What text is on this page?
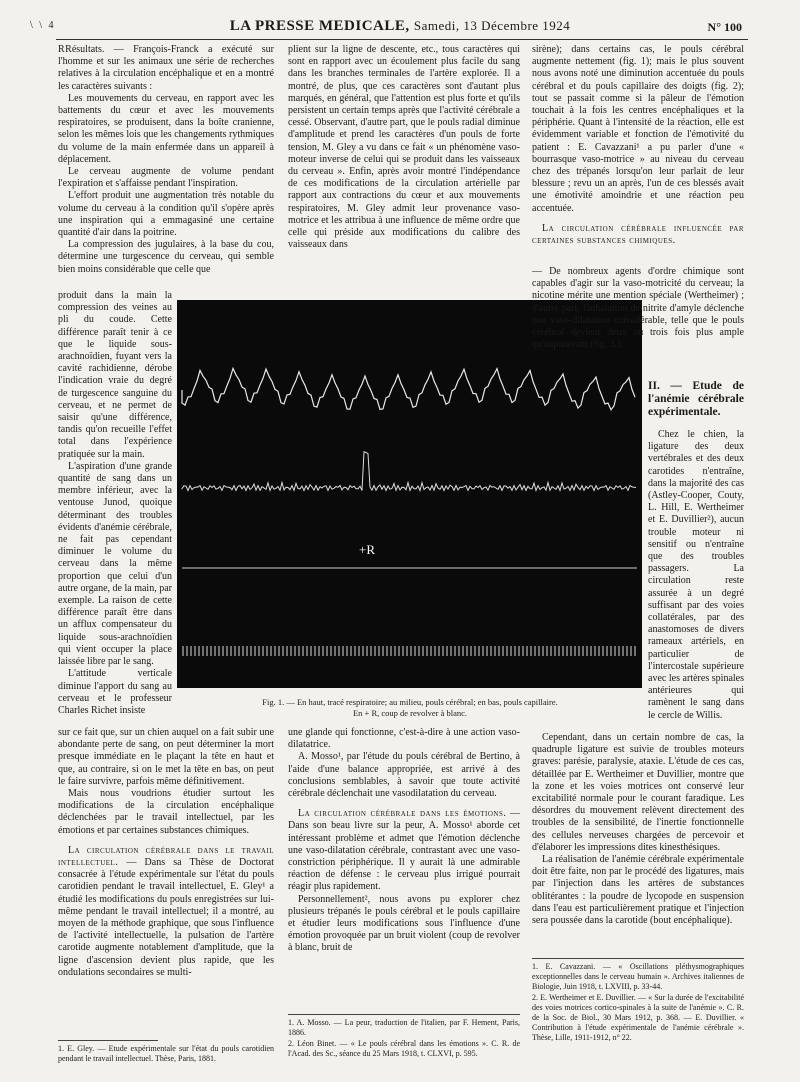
\ \ 4	LA PRESSE MEDICALE, Samedi, 13 Décembre 1924	N° 100

RRésultats. — François-Franck a exécuté sur l'homme et sur les animaux une série de recherches relatives à la circulation encéphalique et en a montré les caractères suivants :

Les mouvements du cerveau, en rapport avec les battements du cœur et avec les mouvements respiratoires, se produisent, dans la boîte cranienne, selon les mêmes lois que les changements rythmiques du volume de la main enfermée dans un appareil à déplacement.

Le cerveau augmente de volume pendant l'expiration et s'affaisse pendant l'inspiration.

L'effort produit une augmentation très notable du volume du cerveau à la condition qu'il s'opère après une inspiration qui a emmagasiné une certaine quantité d'air dans la poitrine.

La compression des jugulaires, à la base du cou, détermine une turgescence du cerveau, qui semble bien moins considérable que celle que

produit dans la main la compression des veines au pli du coude. Cette différence paraît tenir à ce que le liquide sous-arachnoïdien, fuyant vers la cavité rachidienne, dérobe l'indication vraie du degré de turgescence sanguine du cerveau, et ne permet de saisir qu'une différence, tandis qu'on recueille l'effet total dans l'expérience pratiquée sur la main.

L'aspiration d'une grande quantité de sang dans un membre inférieur, avec la ventouse Junod, quoique déterminant des troubles évidents d'anémie cérébrale, ne fait pas cependant diminuer le volume du cerveau dans la même proportion que celui d'un autre organe, de la main, par exemple. La raison de cette différence paraît être dans un afflux compensateur du liquide sous-arachnoïdien qui vient occuper la place laissée libre par le sang.

L'attitude verticale diminue l'apport du sang au cerveau et le professeur Charles Richet insiste

sur ce fait que, sur un chien auquel on a fait subir une abondante perte de sang, on peut déterminer la mort presque immédiate en le plaçant la tête en haut et que, au contraire, si on le met la tête en bas, on peut le faire survivre, parfois même définitivement.

Mais nous voudrions étudier surtout les modifications de la circulation encéphalique déclenchées par le travail intellectuel, par les émotions et par certaines substances chimiques.

La circulation cérébrale dans le travail intellectuel. — Dans sa Thèse de Doctorat consacrée à l'étude expérimentale sur l'état du pouls carotidien pendant le travail intellectuel, E. Gley¹ a étudié les modifications du pouls enregistrées sur lui-même pendant le travail intellectuel; il a montré, au moyen de la méthode graphique, que sous l'influence de l'activité intellectuelle, la pulsation de l'artère carotide augmente notablement d'amplitude, que la ligne d'ascension devient plus rapide, que les ondulations secondaires se multi-

1. E. Gley. — Etude expérimentale sur l'état du pouls carotidien pendant le travail intellectuel. Thèse, Paris, 1881.

plient sur la ligne de descente, etc., tous caractères qui sont en rapport avec un écoulement plus facile du sang dans les branches terminales de l'artère explorée. Il a montré, de plus, que ces caractères sont d'autant plus marqués, en général, que l'attention est plus forte et qu'ils persistent un certain temps après que l'activité cérébrale a cessé. Observant, d'autre part, que le pouls radial diminue d'amplitude et prend les caractères d'un pouls de forte tension, M. Gley a vu dans ce fait « un phénomène vaso-moteur inverse de celui qui se produit dans les vaisseaux du cerveau ». Enfin, après avoir montré l'indépendance de ces modifications de la circulation artérielle par rapport aux contractions du cœur et aux mouvements respiratoires, M. Gley admit leur provenance vaso-motrice et les attribua à une influence de même ordre que celle qui préside aux modifications du calibre des vaisseaux dans

+R
Fig. 1. — En haut, tracé respiratoire; au milieu, pouls cérébral; en bas, pouls capillaire.
En + R, coup de revolver à blanc.

une glande qui fonctionne, c'est-à-dire à une action vaso-dilatatrice.

A. Mosso¹, par l'étude du pouls cérébral de Bertino, à l'aide d'une balance appropriée, est arrivé à des conclusions semblables, à savoir que toute activité cérébrale déclenchait une vasodilatation du cerveau.

La circulation cérébrale dans les émotions. — Dans son beau livre sur la peur, A. Mosso¹ aborde cet intéressant problème et admet que l'émotion déclenche une vaso-dilatation cérébrale, contrastant avec une vaso-constriction périphérique. Il y aurait là une admirable réaction de défense : le cerveau plus irrigué pourrait réagir plus rapidement.

Personnellement², nous avons pu explorer chez plusieurs trépanés le pouls cérébral et le pouls capillaire et étudier leurs modifications sous l'influence d'une émotion provoquée par un bruit violent (coup de revolver à blanc, bruit de

1. A. Mosso. — La peur, traduction de l'italien, par F. Hement, Paris, 1886.

2. Léon Binet. — « Le pouls cérébral dans les émotions ». C. R. de l'Acad. des Sc., séance du 25 Mars 1918, t. CLXVI, p. 595.

sirène); dans certains cas, le pouls cérébral augmente nettement (fig. 1); mais le plus souvent nous avons noté une diminution accentuée du pouls cérébral et du pouls capillaire des doigts (fig. 2); tout se passait comme si la pâleur de l'émotion touchait à la fois les centres encéphaliques et la périphérie. Quant à l'intensité de la réaction, elle est évidemment variable et fonction de l'émotivité du patient : E. Cavazzani¹ a pu parler d'une « bourrasque vaso-motrice » au niveau du cerveau chez des trépanés lorsqu'on leur parlait de leur blessure ; revu un an après, l'un de ces blessés avait une émotivité amoindrie et une réaction peu accentuée.

La circulation cérébrale influencée par certaines substances chimiques.

— De nombreux agents d'ordre chimique sont capables d'agir sur la vaso-motricité du cerveau; la nicotine mérite une mention spéciale (Wertheimer) ; d'autre part, l'inhalation de nitrite d'amyle déclenche une vaso-dilatation considérable, telle que le pouls cérébral devient deux ou trois fois plus ample qu'auparavant (fig. 3.).

II. — Etude de l'anémie cérébrale expérimentale.

Chez le chien, la ligature des deux vertébrales et des deux carotides n'entraîne, dans la majorité des cas (Astley-Cooper, Couty, L. Hill, E. Wertheimer et E. Duvillier²), aucun trouble moteur ni sensitif ou n'entraîne que des troubles passagers. La circulation reste assurée à un degré suffisant par des voies collatérales, par des anastomoses de divers rameaux artériels, en particulier de l'intercostale supérieure avec les artères spinales antérieures qui ramènent le sang dans le cercle de Willis.

Cependant, dans un certain nombre de cas, la quadruple ligature est suivie de troubles moteurs graves: parésie, paralysie, ataxie. L'étude de ces cas, détaillée par E. Wertheimer et Duvillier, montre que la zone et les voies motrices ont conservé leur excitabilité normale pour le courant faradique. Les désordres du mouvement relèvent directement des troubles de la sensibilité, de l'inertie fonctionnelle des cellules nerveuses chargées de percevoir et d'élaborer les impressions dites kinesthésiques.

La réalisation de l'anémie cérébrale expérimentale doit être faite, non par le procédé des ligatures, mais par l'injection dans les artères de substances oblitérantes : la poudre de lycopode en suspension dans l'eau est particulièrement pratique et l'injection sera poussée dans la carotide (bout encéphalique).

1. E. Cavazzani. — « Oscillations pléthysmographiques exceptionnelles dans le cerveau humain ». Archives italiennes de Biologie, Juin 1918, t. LXVIII, p. 33-44.

2. E. Wertheimer et E. Duvillier. — « Sur la durée de l'excitabilité des voies motrices cortico-spinales à la suite de l'anémie ». C. R. de la Soc. de Biol., 30 Mars 1912, p. 368. — E. Duvillier. « Contribution à l'étude expérimentale de l'anémie cérébrale ». Thèse, Lille, 1911-1912, n° 22.
